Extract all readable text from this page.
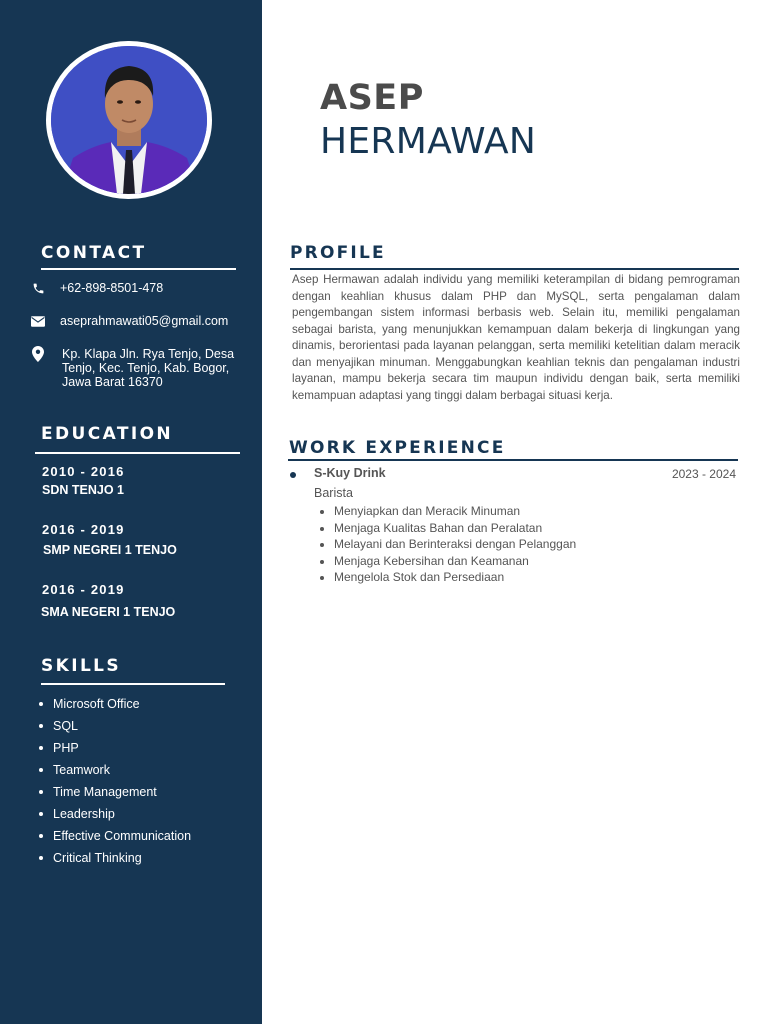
CONTACT
+62-898-8501-478
aseprahmawati05@gmail.com
Kp. Klapa Jln. Rya Tenjo, Desa Tenjo, Kec. Tenjo, Kab. Bogor, Jawa Barat 16370
EDUCATION
2010 - 2016
SDN TENJO 1
2016 - 2019
SMP NEGREI 1 TENJO
2016 - 2019
SMA NEGERI 1 TENJO
SKILLS
Microsoft Office
SQL
PHP
Teamwork
Time Management
Leadership
Effective Communication
Critical Thinking
ASEP
HERMAWAN
PROFILE

Asep Hermawan adalah individu yang memiliki keterampilan di bidang pemrograman dengan keahlian khusus dalam PHP dan MySQL, serta pengalaman dalam pengembangan sistem informasi berbasis web. Selain itu, memiliki pengalaman sebagai barista, yang menunjukkan kemampuan dalam bekerja di lingkungan yang dinamis, berorientasi pada layanan pelanggan, serta memiliki ketelitian dalam meracik dan menyajikan minuman. Menggabungkan keahlian teknis dan pengalaman industri layanan, mampu bekerja secara tim maupun individu dengan baik, serta memiliki kemampuan adaptasi yang tinggi dalam berbagai situasi kerja.

WORK EXPERIENCE
S-Kuy Drink	2023 - 2024
Barista
Menyiapkan dan Meracik Minuman
Menjaga Kualitas Bahan dan Peralatan
Melayani dan Berinteraksi dengan Pelanggan
Menjaga Kebersihan dan Keamanan
Mengelola Stok dan Persediaan
